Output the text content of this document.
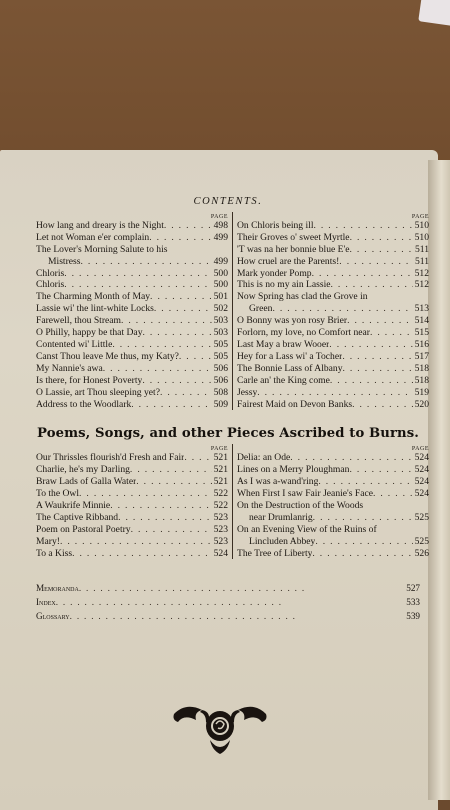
CONTENTS.
PAGE
How lang and dreary is the Night . . .	498
Let not Woman e'er complain . . .	499
The Lover's Morning Salute to his
Mistress . . .	499
Chloris . . .	500
Chloris . . .	500
The Charming Month of May . . .	501
Lassie wi' the lint-white Locks . . .	502
Farewell, thou Stream . . .	503
O Philly, happy be that Day . . .	503
Contented wi' Little . . .	505
Canst Thou leave Me thus, my Katy? . . .	505
My Nannie's awa . . .	506
Is there, for Honest Poverty . . .	506
O Lassie, art Thou sleeping yet? . . .	508
Address to the Woodlark . . .	509
PAGE
On Chloris being ill . . .	510
Their Groves o' sweet Myrtle . . .	510
'T was na her bonnie blue E'e . . .	511
How cruel are the Parents! . . .	511
Mark yonder Pomp . . .	512
This is no my ain Lassie . . .	512
Now Spring has clad the Grove in
Green . . .	513
O Bonny was yon rosy Brier . . .	514
Forlorn, my love, no Comfort near . . .	515
Last May a braw Wooer . . .	516
Hey for a Lass wi' a Tocher . . .	517
The Bonnie Lass of Albany . . .	518
Carle an' the King come . . .	518
Jessy . . .	519
Fairest Maid on Devon Banks . . .	520
Poems, Songs, and other Pieces Ascribed to Burns.
PAGE
Our Thrissles flourish'd Fresh and Fair . . .	521
Charlie, he's my Darling . . .	521
Braw Lads of Galla Water . . .	521
To the Owl . . .	522
A Waukrife Minnie . . .	522
The Captive Ribband . . .	523
Poem on Pastoral Poetry . . .	523
Mary! . . .	523
To a Kiss . . .	524
PAGE
Delia: an Ode . . .	524
Lines on a Merry Ploughman . . .	524
As I was a-wand'ring . . .	524
When First I saw Fair Jeanie's Face . . .	524
On the Destruction of the Woods
near Drumlanrig . . .	525
On an Evening View of the Ruins of
Lincluden Abbey . . .	525
The Tree of Liberty . . .	526
Memoranda . . .	527
Index . . .	533
Glossary . . .	539
